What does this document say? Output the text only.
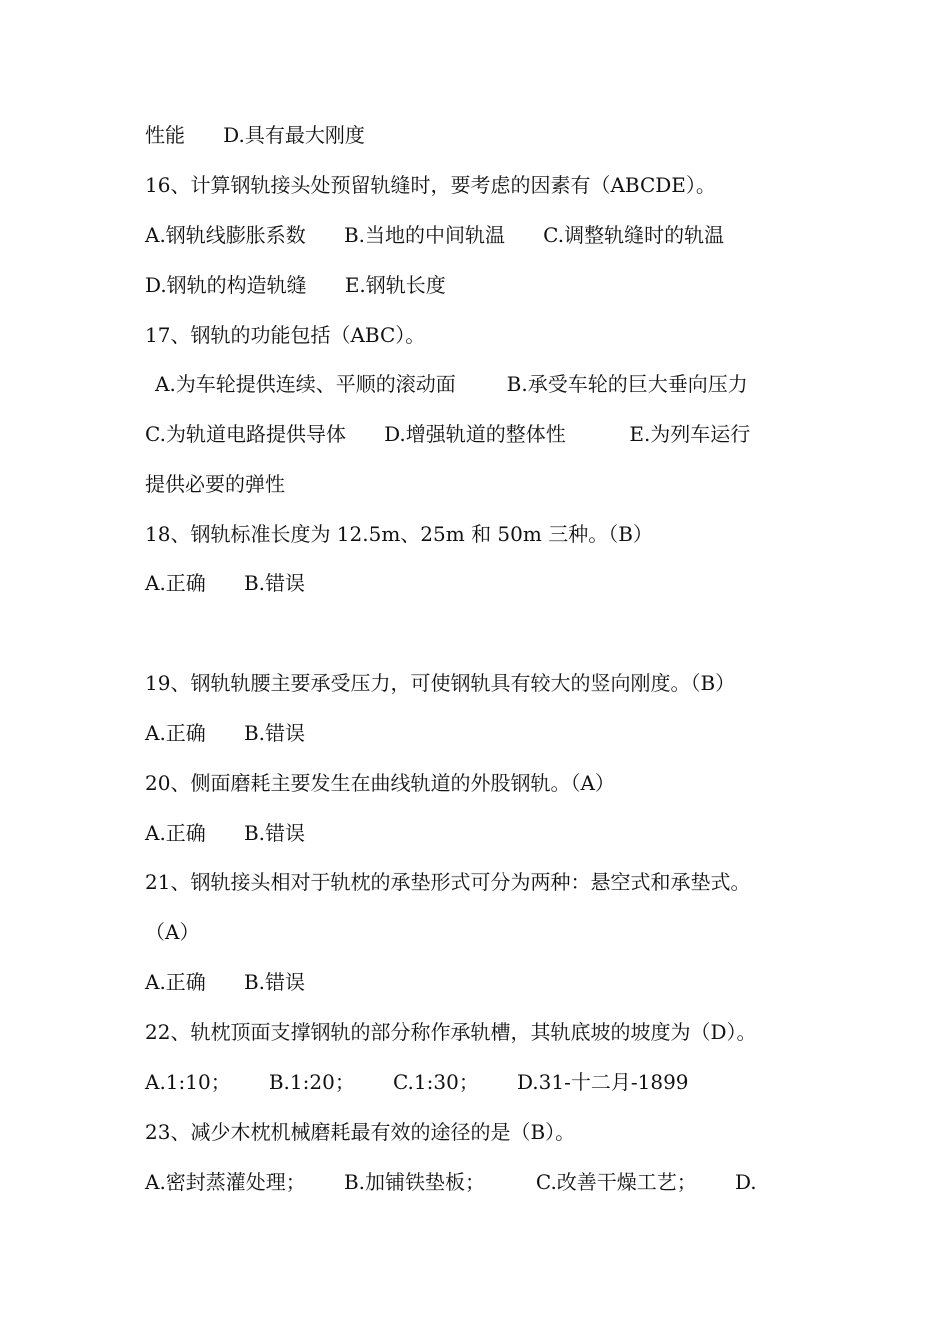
性能      D.具有最大刚度
16、计算钢轨接头处预留轨缝时，要考虑的因素有（ABCDE）。
A.钢轨线膨胀系数      B.当地的中间轨温      C.调整轨缝时的轨温
D.钢轨的构造轨缝      E.钢轨长度
17、钢轨的功能包括（ABC）。
A.为车轮提供连续、平顺的滚动面        B.承受车轮的巨大垂向压力
C.为轨道电路提供导体      D.增强轨道的整体性          E.为列车运行
提供必要的弹性
18、钢轨标准长度为 12.5m、25m 和 50m 三种。（B）
A.正确      B.错误
19、钢轨轨腰主要承受压力，可使钢轨具有较大的竖向刚度。（B）
A.正确      B.错误
20、侧面磨耗主要发生在曲线轨道的外股钢轨。（A）
A.正确      B.错误
21、钢轨接头相对于轨枕的承垫形式可分为两种：悬空式和承垫式。
（A）
A.正确      B.错误
22、轨枕顶面支撑钢轨的部分称作承轨槽，其轨底坡的坡度为（D）。
A.1:10；      B.1:20；      C.1:30；      D.31-十二月-1899
23、减少木枕机械磨耗最有效的途径的是（B）。
A.密封蒸灌处理；      B.加铺铁垫板；        C.改善干燥工艺；      D.
